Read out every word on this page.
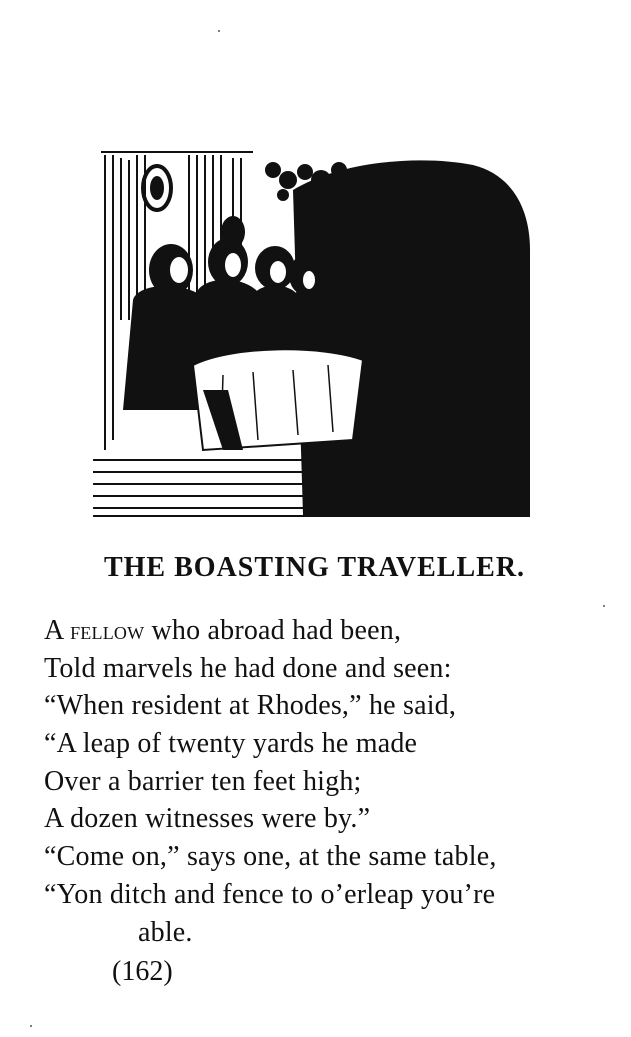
THE BOASTING TRAVELLER.
A fellow who abroad had been,
Told marvels he had done and seen:
“When resident at Rhodes,” he said,
“A leap of twenty yards he made
Over a barrier ten feet high;
A dozen witnesses were by.”
“Come on,” says one, at the same table,
“Yon ditch and fence to o’erleap you’re
able.

(162)
